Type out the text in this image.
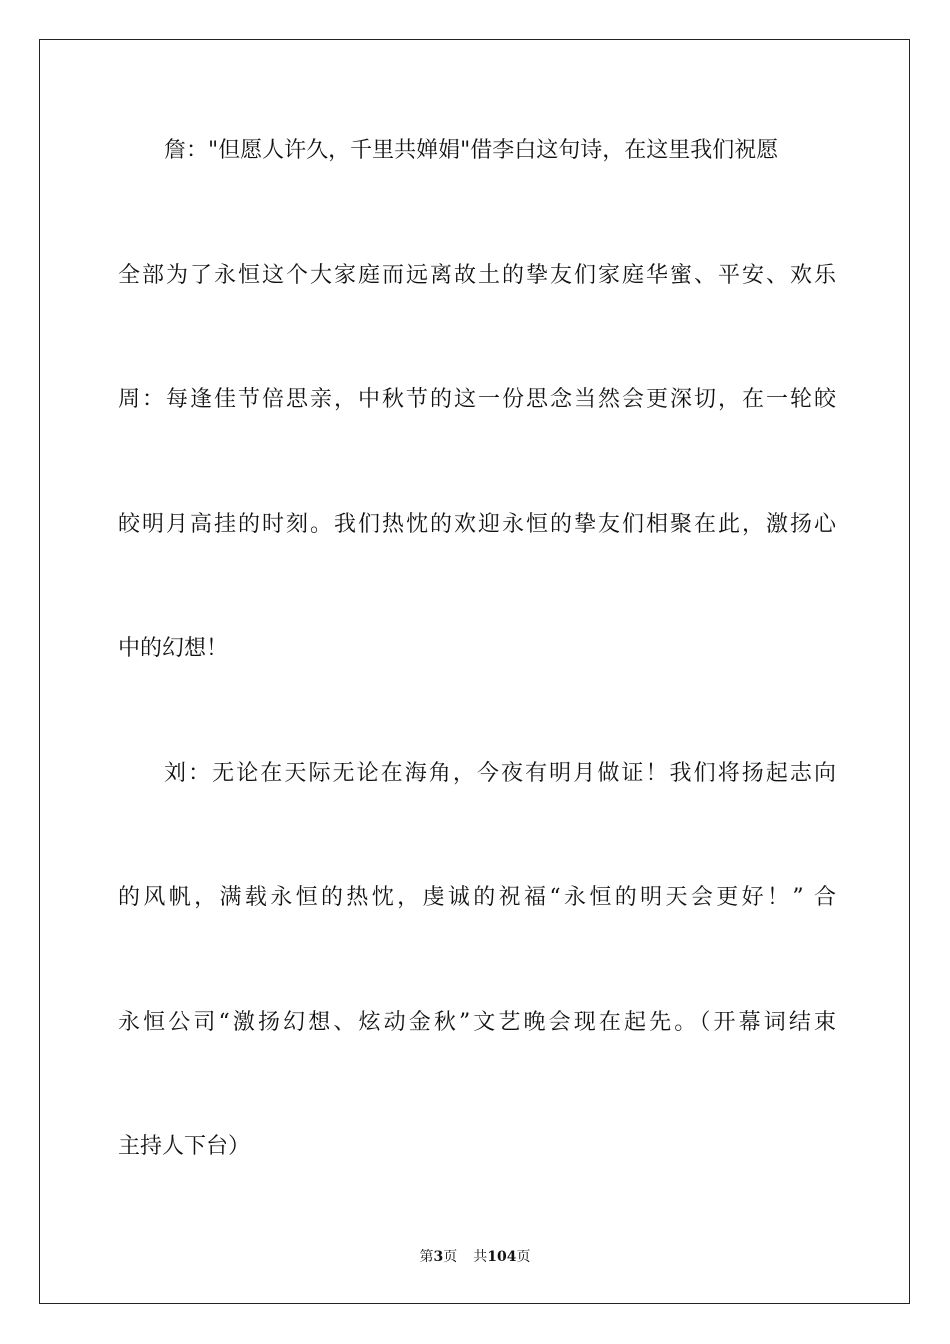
詹："但愿人许久，千里共婵娟"借李白这句诗，在这里我们祝愿
全部为了永恒这个大家庭而远离故土的挚友们家庭华蜜、平安、欢乐
周：每逢佳节倍思亲，中秋节的这一份思念当然会更深切，在一轮皎
皎明月高挂的时刻。我们热忱的欢迎永恒的挚友们相聚在此，激扬心
中的幻想！
刘：无论在天际无论在海角，今夜有明月做证！我们将扬起志向
的风帆，满载永恒的热忱，虔诚的祝福“永恒的明天会更好！” 合
永恒公司“激扬幻想、炫动金秋”文艺晚会现在起先。（开幕词结束
主持人下台）
第3页 共104页
